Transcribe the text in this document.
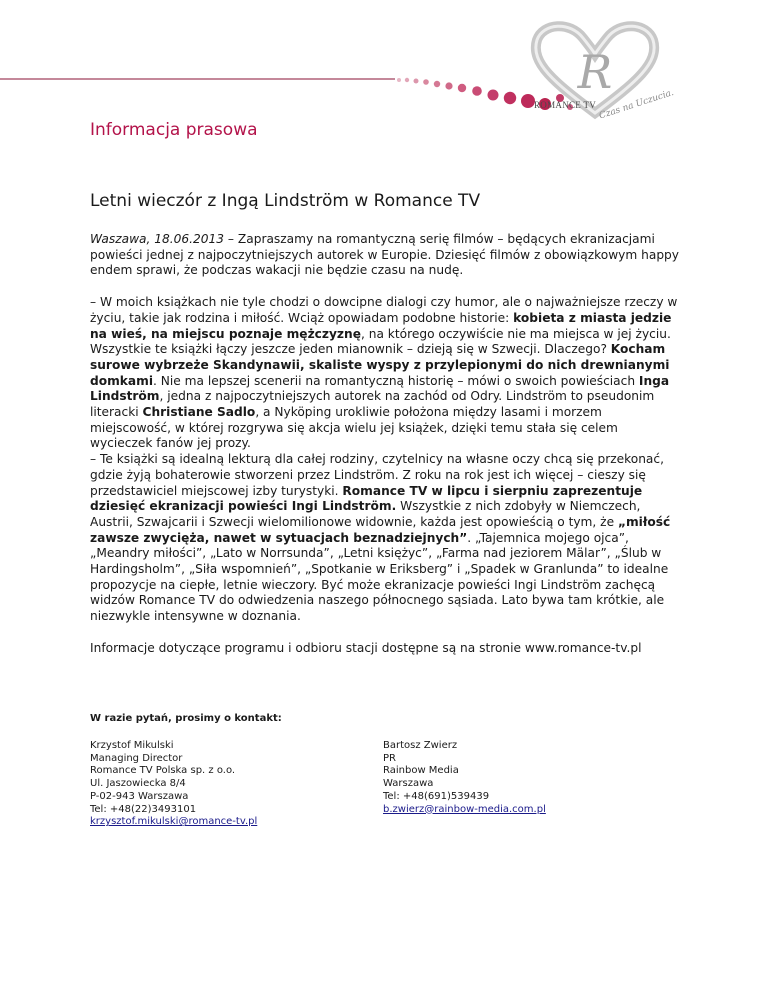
R
ROMANCE TV Czas na Uczucia.
Informacja prasowa
Letni wieczór z Ingą Lindström w Romance TV

Waszawa, 18.06.2013 – Zapraszamy na romantyczną serię filmów – będących ekranizacjami powieści jednej z najpoczytniejszych autorek w Europie. Dziesięć filmów z obowiązkowym happy endem sprawi, że podczas wakacji nie będzie czasu na nudę.

– W moich książkach nie tyle chodzi o dowcipne dialogi czy humor, ale o najważniejsze rzeczy w życiu, takie jak rodzina i miłość. Wciąż opowiadam podobne historie: kobieta z miasta jedzie na wieś, na miejscu poznaje mężczyznę, na którego oczywiście nie ma miejsca w jej życiu. Wszystkie te książki łączy jeszcze jeden mianownik – dzieją się w Szwecji. Dlaczego? Kocham surowe wybrzeże Skandynawii, skaliste wyspy z przylepionymi do nich drewnianymi domkami. Nie ma lepszej scenerii na romantyczną historię – mówi o swoich powieściach Inga Lindström, jedna z najpoczytniejszych autorek na zachód od Odry. Lindström to pseudonim literacki Christiane Sadlo, a Nyköping urokliwie położona między lasami i morzem miejscowość, w której rozgrywa się akcja wielu jej książek, dzięki temu stała się celem wycieczek fanów jej prozy.

– Te książki są idealną lekturą dla całej rodziny, czytelnicy na własne oczy chcą się przekonać, gdzie żyją bohaterowie stworzeni przez Lindström. Z roku na rok jest ich więcej – cieszy się przedstawiciel miejscowej izby turystyki. Romance TV w lipcu i sierpniu zaprezentuje dziesięć ekranizacji powieści Ingi Lindström. Wszystkie z nich zdobyły w Niemczech, Austrii, Szwajcarii i Szwecji wielomilionowe widownie, każda jest opowieścią o tym, że „miłość zawsze zwycięża, nawet w sytuacjach beznadziejnych”. „Tajemnica mojego ojca”, „Meandry miłości”, „Lato w Norrsunda”, „Letni księżyc”, „Farma nad jeziorem Mälar”, „Ślub w Hardingsholm”, „Siła wspomnień”, „Spotkanie w Eriksberg” i „Spadek w Granlunda” to idealne propozycje na ciepłe, letnie wieczory. Być może ekranizacje powieści Ingi Lindström zachęcą widzów Romance TV do odwiedzenia naszego północnego sąsiada. Lato bywa tam krótkie, ale niezwykle intensywne w doznania.

Informacje dotyczące programu i odbioru stacji dostępne są na stronie www.romance-tv.pl

W razie pytań, prosimy o kontakt:

Krzystof Mikulski
Managing Director
Romance TV Polska sp. z o.o.
Ul. Jaszowiecka 8/4
P-02-943 Warszawa
Tel: +48(22)3493101
krzysztof.mikulski@romance-tv.pl
Bartosz Zwierz
PR
Rainbow Media
Warszawa
Tel: +48(691)539439
b.zwierz@rainbow-media.com.pl
